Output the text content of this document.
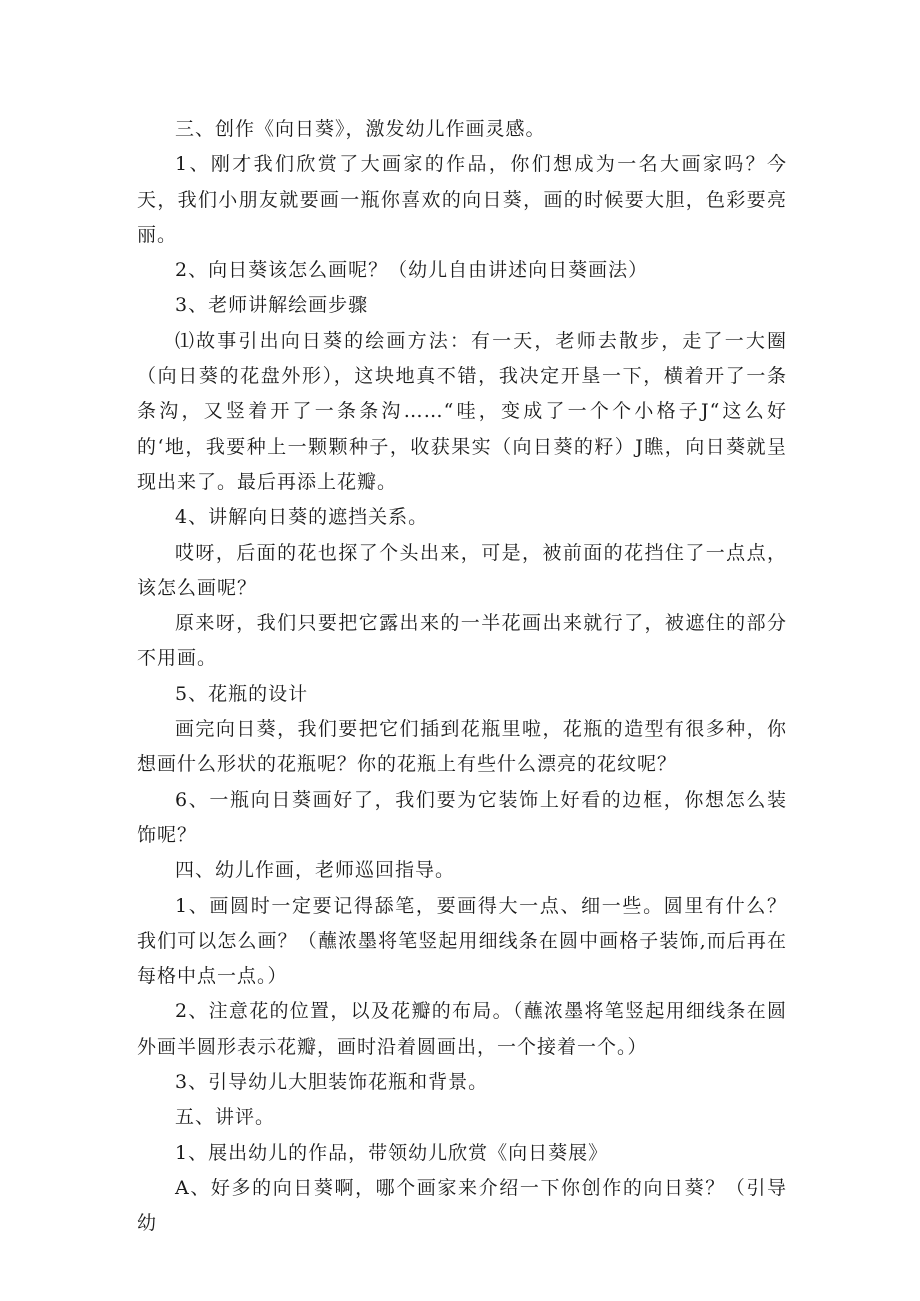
三、创作《向日葵》，激发幼儿作画灵感。

1、刚才我们欣赏了大画家的作品，你们想成为一名大画家吗？今天，我们小朋友就要画一瓶你喜欢的向日葵，画的时候要大胆，色彩要亮丽。

2、向日葵该怎么画呢？（幼儿自由讲述向日葵画法）

3、老师讲解绘画步骤

⑴故事引出向日葵的绘画方法：有一天，老师去散步，走了一大圈（向日葵的花盘外形），这块地真不错，我决定开垦一下，横着开了一条条沟，又竖着开了一条条沟……“哇，变成了一个个小格子J“这么好的‘地，我要种上一颗颗种子，收获果实（向日葵的籽）J瞧，向日葵就呈现出来了。最后再添上花瓣。

4、讲解向日葵的遮挡关系。

哎呀，后面的花也探了个头出来，可是，被前面的花挡住了一点点，该怎么画呢？

原来呀，我们只要把它露出来的一半花画出来就行了，被遮住的部分不用画。

5、花瓶的设计

画完向日葵，我们要把它们插到花瓶里啦，花瓶的造型有很多种，你想画什么形状的花瓶呢？你的花瓶上有些什么漂亮的花纹呢？

6、一瓶向日葵画好了，我们要为它装饰上好看的边框，你想怎么装饰呢？

四、幼儿作画，老师巡回指导。

1、画圆时一定要记得舔笔，要画得大一点、细一些。圆里有什么？我们可以怎么画？（蘸浓墨将笔竖起用细线条在圆中画格子装饰,而后再在每格中点一点。）

2、注意花的位置，以及花瓣的布局。（蘸浓墨将笔竖起用细线条在圆外画半圆形表示花瓣，画时沿着圆画出，一个接着一个。）

3、引导幼儿大胆装饰花瓶和背景。

五、讲评。

1、展出幼儿的作品，带领幼儿欣赏《向日葵展》

A、好多的向日葵啊，哪个画家来介绍一下你创作的向日葵？（引导幼
